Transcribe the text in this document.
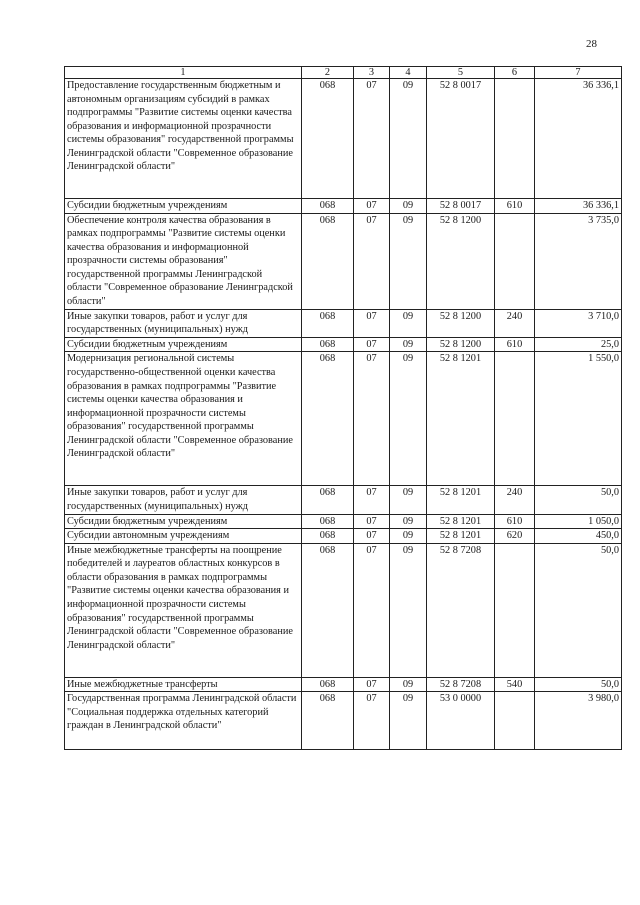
28
1	2	3	4	5	6	7
Предоставление государственным бюджетным и автономным организациям субсидий в рамках подпрограммы "Развитие системы оценки качества образования и информационной прозрачности системы образования" государственной программы Ленинградской области "Современное образование Ленинградской области"	068	07	09	52 8 0017		36 336,1
Субсидии бюджетным учреждениям	068	07	09	52 8 0017	610	36 336,1
Обеспечение контроля качества образования в рамках подпрограммы "Развитие системы оценки качества образования и информационной прозрачности системы образования" государственной программы Ленинградской области "Современное образование Ленинградской области"	068	07	09	52 8 1200		3 735,0
Иные закупки товаров, работ и услуг для государственных (муниципальных) нужд	068	07	09	52 8 1200	240	3 710,0
Субсидии бюджетным учреждениям	068	07	09	52 8 1200	610	25,0
Модернизация региональной системы государственно-общественной оценки качества образования в рамках подпрограммы "Развитие системы оценки качества образования и информационной прозрачности системы образования" государственной программы Ленинградской области "Современное образование Ленинградской области"	068	07	09	52 8 1201		1 550,0
Иные закупки товаров, работ и услуг для государственных (муниципальных) нужд	068	07	09	52 8 1201	240	50,0
Субсидии бюджетным учреждениям	068	07	09	52 8 1201	610	1 050,0
Субсидии автономным учреждениям	068	07	09	52 8 1201	620	450,0
Иные межбюджетные трансферты на поощрение победителей и лауреатов областных конкурсов в области образования в рамках подпрограммы "Развитие системы оценки качества образования и информационной прозрачности системы образования" государственной программы Ленинградской области "Современное образование Ленинградской области"	068	07	09	52 8 7208		50,0
Иные межбюджетные трансферты	068	07	09	52 8 7208	540	50,0
Государственная программа Ленинградской области "Социальная поддержка отдельных категорий граждан в Ленинградской области"	068	07	09	53 0 0000		3 980,0
